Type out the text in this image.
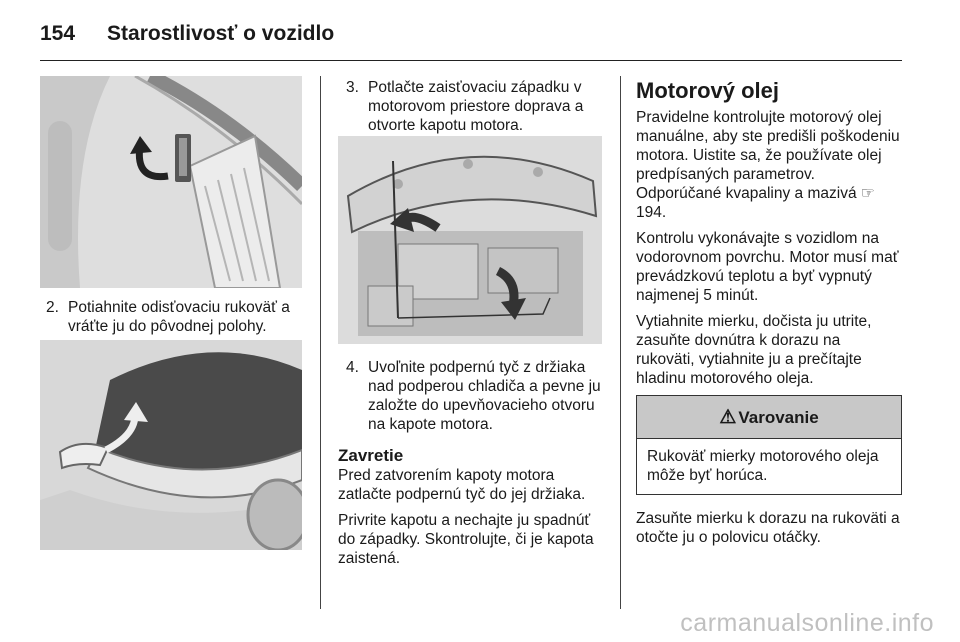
154 Starostlivosť o vozidlo
2. Potiahnite odisťovaciu rukoväť a vráťte ju do pôvodnej polohy.
3. Potlačte zaisťovaciu západku v motorovom priestore doprava a otvorte kapotu motora.
4. Uvoľnite podpernú tyč z držiaka nad podperou chladiča a pevne ju založte do upevňovacieho otvoru na kapote motora.
Zavretie
Pred zatvorením kapoty motora zatlačte podpernú tyč do jej držiaka.
Privrite kapotu a nechajte ju spadnúť do západky. Skontrolujte, či je kapota zaistená.
Motorový olej
Pravidelne kontrolujte motorový olej manuálne, aby ste predišli poškodeniu motora. Uistite sa, že používate olej predpísaných parametrov. Odporúčané kvapaliny a mazivá ☞ 194.
Kontrolu vykonávajte s vozidlom na vodorovnom povrchu. Motor musí mať prevádzkovú teplotu a byť vypnutý najmenej 5 minút.
Vytiahnite mierku, dočista ju utrite, zasuňte dovnútra k dorazu na rukoväti, vytiahnite ju a prečítajte hladinu motorového oleja.
⚠ Varovanie
Rukoväť mierky motorového oleja môže byť horúca.
Zasuňte mierku k dorazu na rukoväti a otočte ju o polovicu otáčky.
carmanualsonline.info
